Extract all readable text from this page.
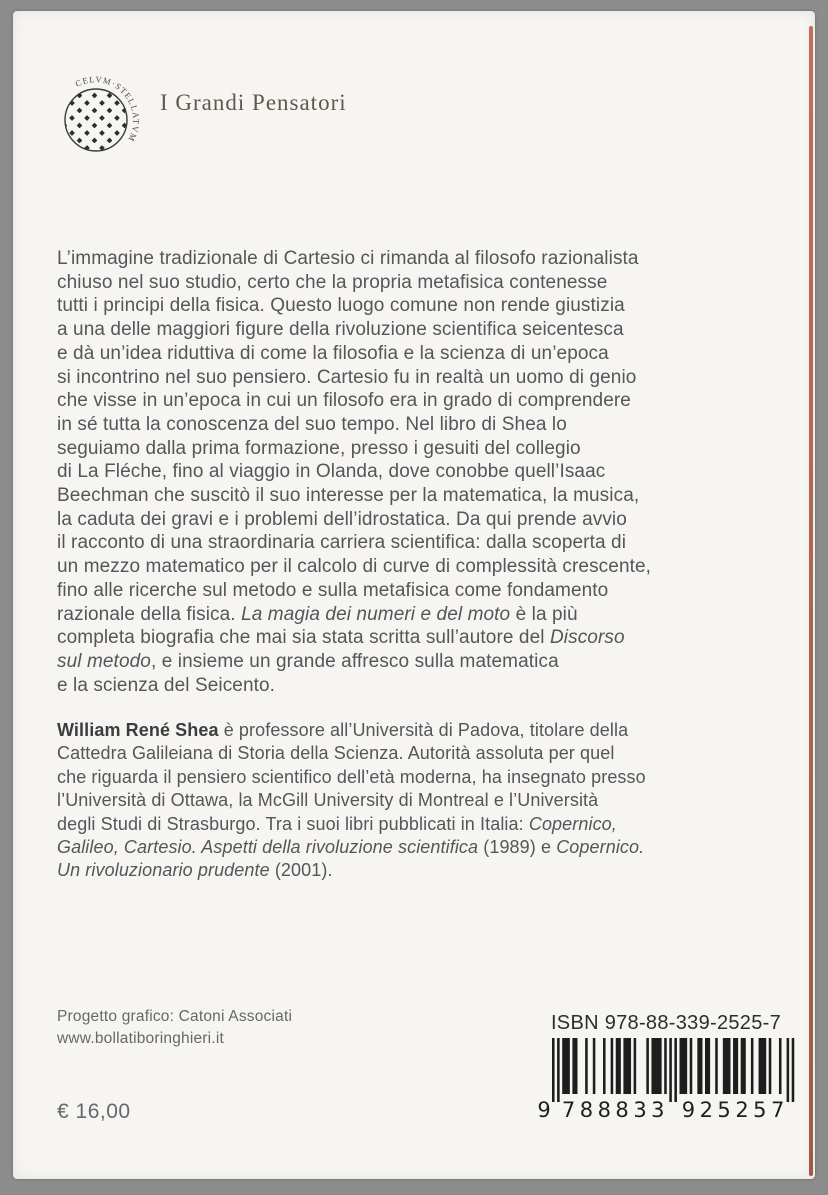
CELVM·STELLATVM
I Grandi Pensatori
L’immagine tradizionale di Cartesio ci rimanda al filosofo razionalista
chiuso nel suo studio, certo che la propria metafisica contenesse
tutti i principi della fisica. Questo luogo comune non rende giustizia
a una delle maggiori figure della rivoluzione scientifica seicentesca
e dà un’idea riduttiva di come la filosofia e la scienza di un’epoca
si incontrino nel suo pensiero. Cartesio fu in realtà un uomo di genio
che visse in un’epoca in cui un filosofo era in grado di comprendere
in sé tutta la conoscenza del suo tempo. Nel libro di Shea lo
seguiamo dalla prima formazione, presso i gesuiti del collegio
di La Fléche, fino al viaggio in Olanda, dove conobbe quell’Isaac
Beechman che suscitò il suo interesse per la matematica, la musica,
la caduta dei gravi e i problemi dell’idrostatica. Da qui prende avvio
il racconto di una straordinaria carriera scientifica: dalla scoperta di
un mezzo matematico per il calcolo di curve di complessità crescente,
fino alle ricerche sul metodo e sulla metafisica come fondamento
razionale della fisica. La magia dei numeri e del moto è la più
completa biografia che mai sia stata scritta sull’autore del Discorso
sul metodo, e insieme un grande affresco sulla matematica
e la scienza del Seicento.
William René Shea è professore all’Università di Padova, titolare della
Cattedra Galileiana di Storia della Scienza. Autorità assoluta per quel
che riguarda il pensiero scientifico dell’età moderna, ha insegnato presso
l’Università di Ottawa, la McGill University di Montreal e l’Università
degli Studi di Strasburgo. Tra i suoi libri pubblicati in Italia: Copernico,
Galileo, Cartesio. Aspetti della rivoluzione scientifica (1989) e Copernico.
Un rivoluzionario prudente (2001).
Progetto grafico: Catoni Associati
www.bollatiboringhieri.it
€ 16,00
ISBN 978-88-339-2525-7
9 7 8 8 8 3 3 9 2 5 2 5 7
